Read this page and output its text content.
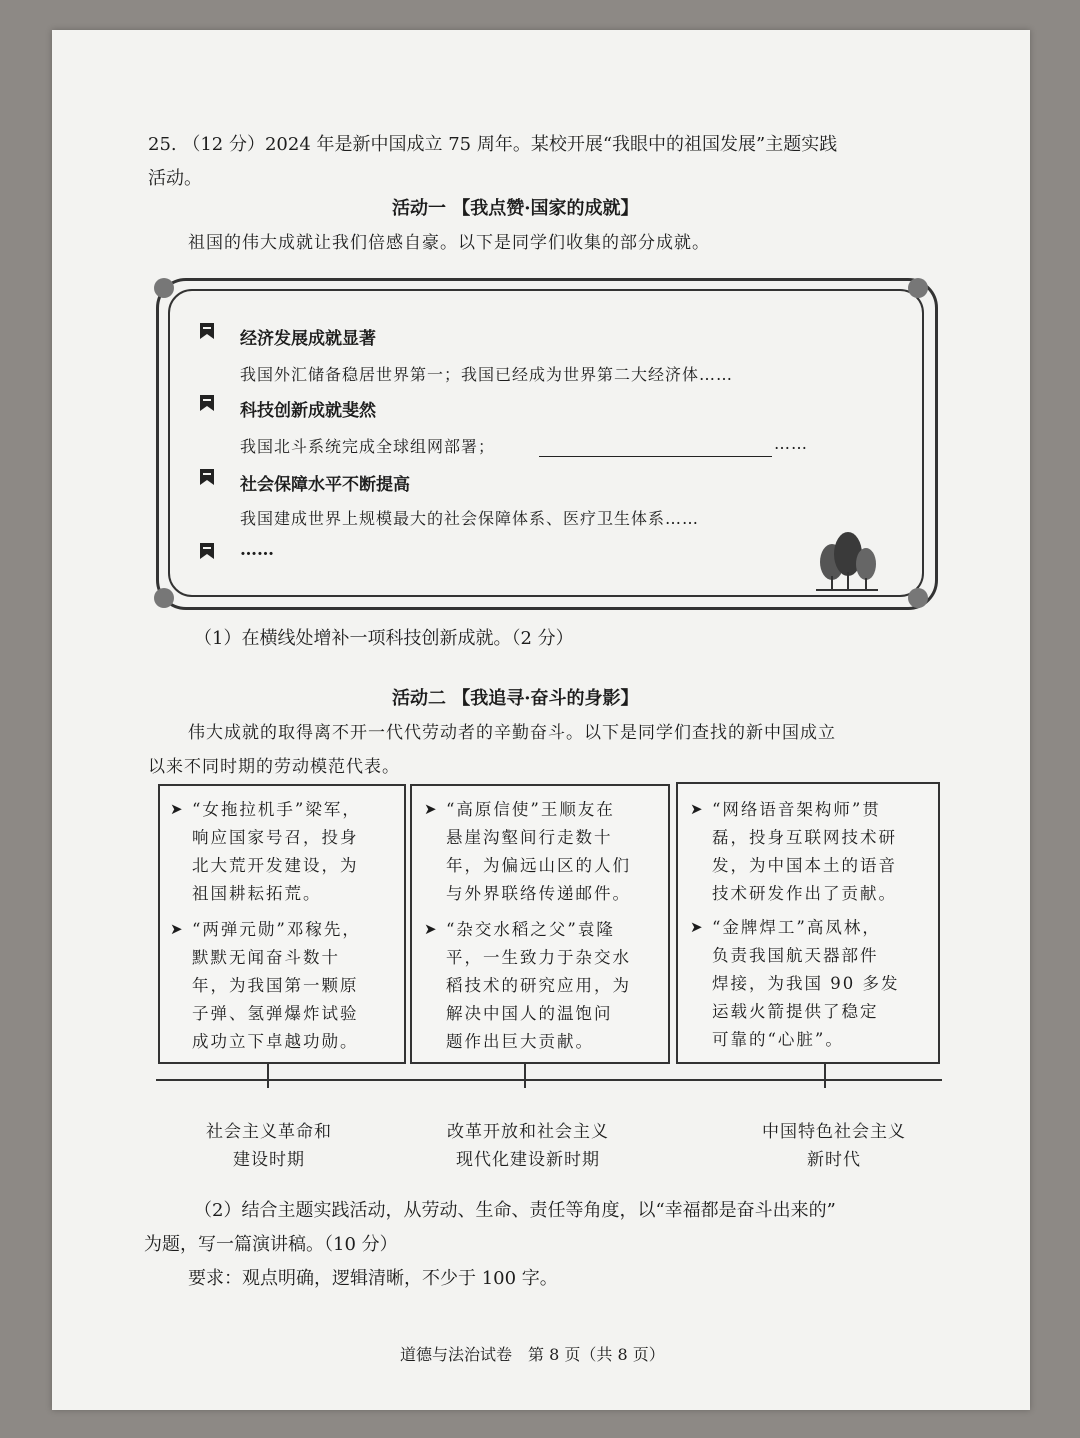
25. （12 分）2024 年是新中国成立 75 周年。某校开展“我眼中的祖国发展”主题实践
活动。
活动一 【我点赞·国家的成就】
祖国的伟大成就让我们倍感自豪。以下是同学们收集的部分成就。
经济发展成就显著
我国外汇储备稳居世界第一；我国已经成为世界第二大经济体……
科技创新成就斐然
我国北斗系统完成全球组网部署；	……
社会保障水平不断提高
我国建成世界上规模最大的社会保障体系、医疗卫生体系……
……
（1）在横线处增补一项科技创新成就。（2 分）
活动二 【我追寻·奋斗的身影】
伟大成就的取得离不开一代代劳动者的辛勤奋斗。以下是同学们查找的新中国成立
以来不同时期的劳动模范代表。
➤ “女拖拉机手”梁军，
响应国家号召，投身
北大荒开发建设，为
祖国耕耘拓荒。
➤ “两弹元勋”邓稼先，
默默无闻奋斗数十
年，为我国第一颗原
子弹、氢弹爆炸试验
成功立下卓越功勋。
➤ “高原信使”王顺友在
悬崖沟壑间行走数十
年，为偏远山区的人们
与外界联络传递邮件。
➤ “杂交水稻之父”袁隆
平，一生致力于杂交水
稻技术的研究应用，为
解决中国人的温饱问
题作出巨大贡献。
➤ “网络语音架构师”贯
磊，投身互联网技术研
发，为中国本土的语音
技术研发作出了贡献。
➤ “金牌焊工”高凤林，
负责我国航天器部件
焊接，为我国 90 多发
运载火箭提供了稳定
可靠的“心脏”。
社会主义革命和
建设时期
改革开放和社会主义
现代化建设新时期
中国特色社会主义
新时代
（2）结合主题实践活动，从劳动、生命、责任等角度，以“幸福都是奋斗出来的”
为题，写一篇演讲稿。（10 分）
要求：观点明确，逻辑清晰，不少于 100 字。
道德与法治试卷　第 8 页（共 8 页）
